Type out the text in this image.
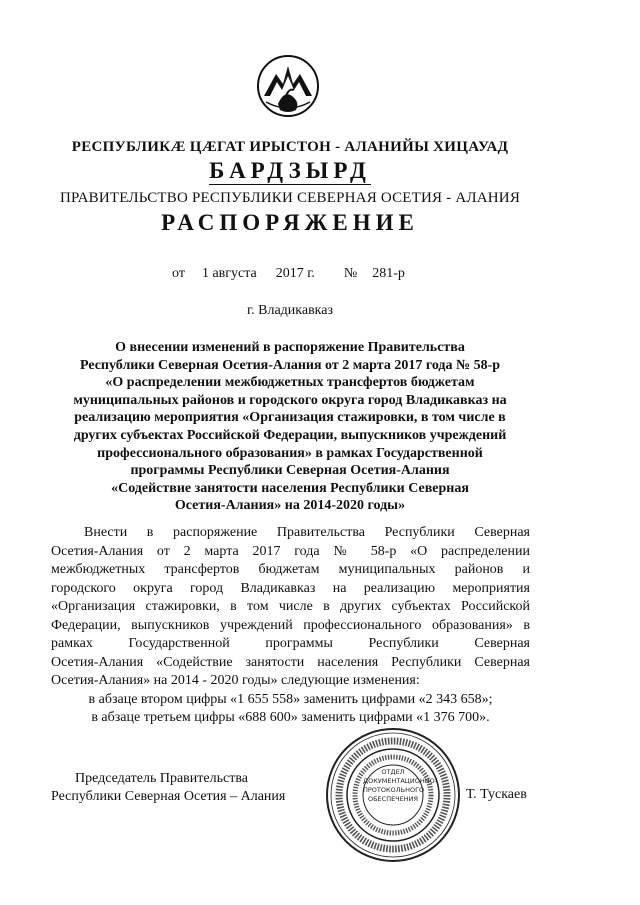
РЕСПУБЛИКӔ ЦӔГАТ ИРЫСТОН - АЛАНИЙЫ ХИЦАУАД
БАРДЗЫРД
ПРАВИТЕЛЬСТВО РЕСПУБЛИКИ СЕВЕРНАЯ ОСЕТИЯ - АЛАНИЯ
РАСПОРЯЖЕНИЕ
от 1 августа 2017 г. № 281-р
г. Владикавказ
О внесении изменений в распоряжение Правительства
Республики Северная Осетия-Алания от 2 марта 2017 года № 58-р
«О распределении межбюджетных трансфертов бюджетам
муниципальных районов и городского округа город Владикавказ на
реализацию мероприятия «Организация стажировки, в том числе в
других субъектах Российской Федерации, выпускников учреждений
профессионального образования» в рамках Государственной
программы Республики Северная Осетия-Алания
«Содействие занятости населения Республики Северная
Осетия-Алания» на 2014-2020 годы»
Внести в распоряжение Правительства Республики Северная
Осетия-Алания от 2 марта 2017 года № 58-р «О распределении
межбюджетных трансфертов бюджетам муниципальных районов и
городского округа город Владикавказ на реализацию мероприятия
«Организация стажировки, в том числе в других субъектах Российской
Федерации, выпускников учреждений профессионального образования» в
рамках Государственной программы Республики Северная
Осетия-Алания «Содействие занятости населения Республики Северная
Осетия-Алания» на 2014 - 2020 годы» следующие изменения:
в абзаце втором цифры «1 655 558» заменить цифрами «2 343 658»;
в абзаце третьем цифры «688 600» заменить цифрами «1 376 700».
Председатель Правительства
Республики Северная Осетия – Алания
ОТДЕЛ ДОКУМЕНТАЦИОННО-ПРОТОКОЛЬНОГО ОБЕСПЕЧЕНИЯ	Т. Тускаев
